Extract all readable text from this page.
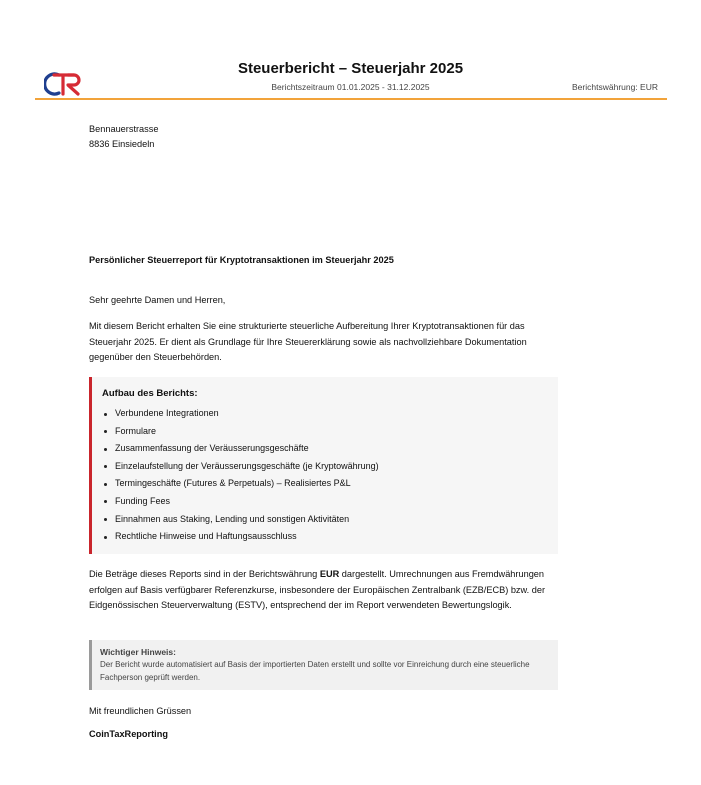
Steuerbericht – Steuerjahr 2025
Berichtszeitraum 01.01.2025 - 31.12.2025	Berichtswährung: EUR
Bennauerstrasse
8836 Einsiedeln
Persönlicher Steuerreport für Kryptotransaktionen im Steuerjahr 2025
Sehr geehrte Damen und Herren,
Mit diesem Bericht erhalten Sie eine strukturierte steuerliche Aufbereitung Ihrer Kryptotransaktionen für das Steuerjahr 2025. Er dient als Grundlage für Ihre Steuererklärung sowie als nachvollziehbare Dokumentation gegenüber den Steuerbehörden.
Aufbau des Berichts:
Verbundene Integrationen
Formulare
Zusammenfassung der Veräusserungsgeschäfte
Einzelaufstellung der Veräusserungsgeschäfte (je Kryptowährung)
Termingeschäfte (Futures & Perpetuals) – Realisiertes P&L
Funding Fees
Einnahmen aus Staking, Lending und sonstigen Aktivitäten
Rechtliche Hinweise und Haftungsausschluss
Die Beträge dieses Reports sind in der Berichtswährung EUR dargestellt. Umrechnungen aus Fremdwährungen erfolgen auf Basis verfügbarer Referenzkurse, insbesondere der Europäischen Zentralbank (EZB/ECB) bzw. der Eidgenössischen Steuerverwaltung (ESTV), entsprechend der im Report verwendeten Bewertungslogik.
Wichtiger Hinweis:
Der Bericht wurde automatisiert auf Basis der importierten Daten erstellt und sollte vor Einreichung durch eine steuerliche Fachperson geprüft werden.
Mit freundlichen Grüssen
CoinTaxReporting
